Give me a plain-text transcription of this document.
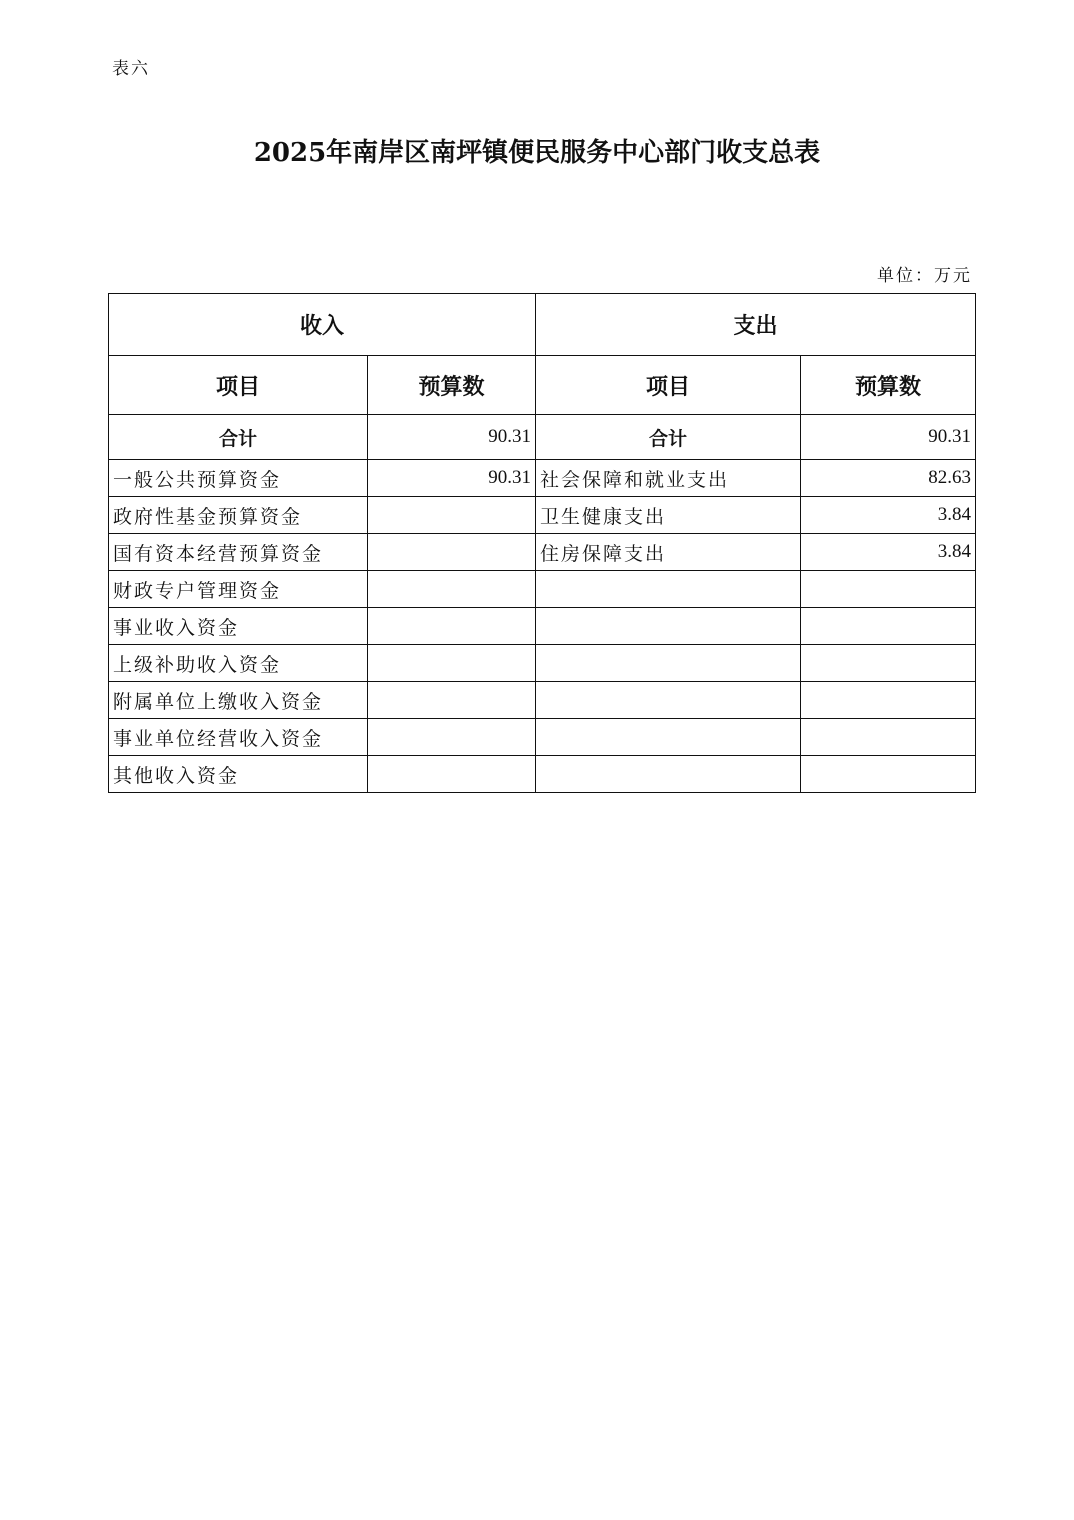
表六
2025年南岸区南坪镇便民服务中心部门收支总表
单位：万元
收入		支出	
项目	预算数	项目	预算数
合计	90.31	合计	90.31
一般公共预算资金	90.31	社会保障和就业支出	82.63
政府性基金预算资金		卫生健康支出	3.84
国有资本经营预算资金		住房保障支出	3.84
财政专户管理资金			
事业收入资金			
上级补助收入资金			
附属单位上缴收入资金			
事业单位经营收入资金			
其他收入资金			
